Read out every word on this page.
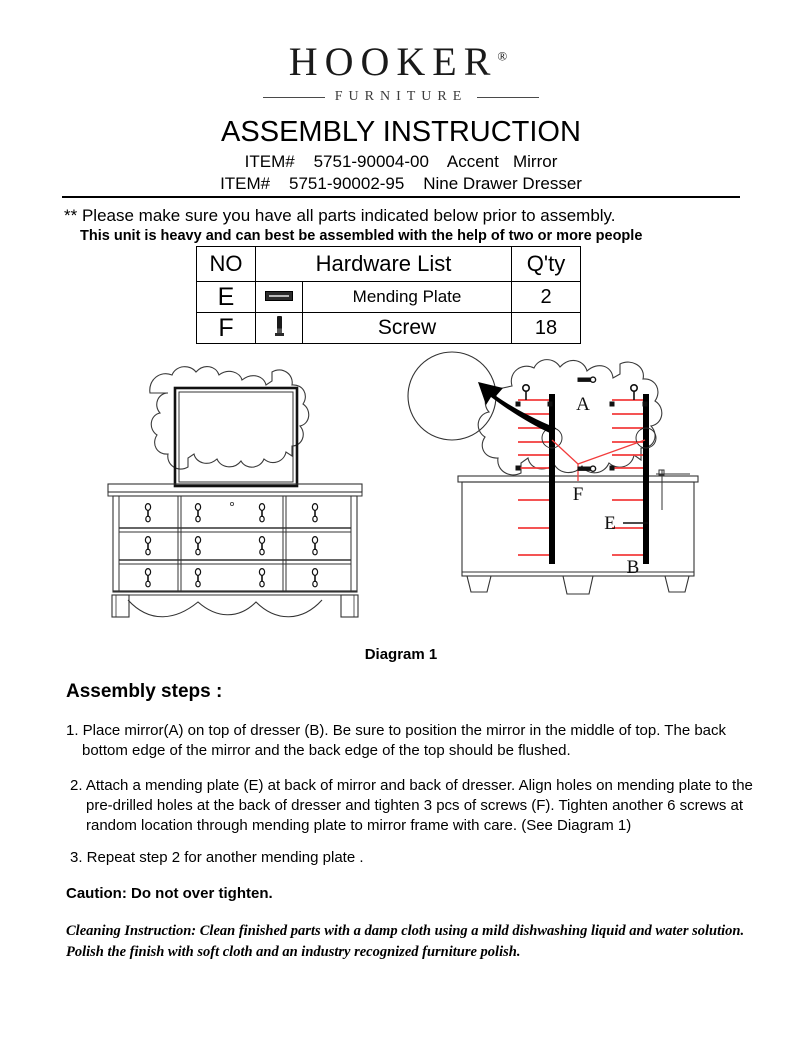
HOOKER®
FURNITURE
ASSEMBLY INSTRUCTION
ITEM#    5751-90004-00    Accent   Mirror
ITEM#    5751-90002-95    Nine Drawer Dresser
** Please make sure you have all parts indicated below prior to assembly.
This unit is heavy and can best be assembled with the help of two or more people
NO	Hardware List		Q'ty
E		Mending Plate	2
F		Screw	18
A
F
E
B
Diagram 1
Assembly steps :
1. Place mirror(A) on top of dresser (B). Be sure to position the mirror in the middle of top. The back bottom edge of the mirror and the back edge of the top should be flushed.
2. Attach a mending plate (E) at back of mirror and back of dresser. Align holes on mending plate to the pre-drilled holes at the back of dresser and tighten 3 pcs of screws (F). Tighten another 6 screws at random location through mending plate to mirror frame with care. (See Diagram 1)
3. Repeat step 2 for another mending plate .
Caution: Do not over tighten.
Cleaning Instruction: Clean finished parts with a damp cloth using a mild dishwashing liquid and water solution. Polish the finish with soft cloth and an industry recognized furniture polish.
